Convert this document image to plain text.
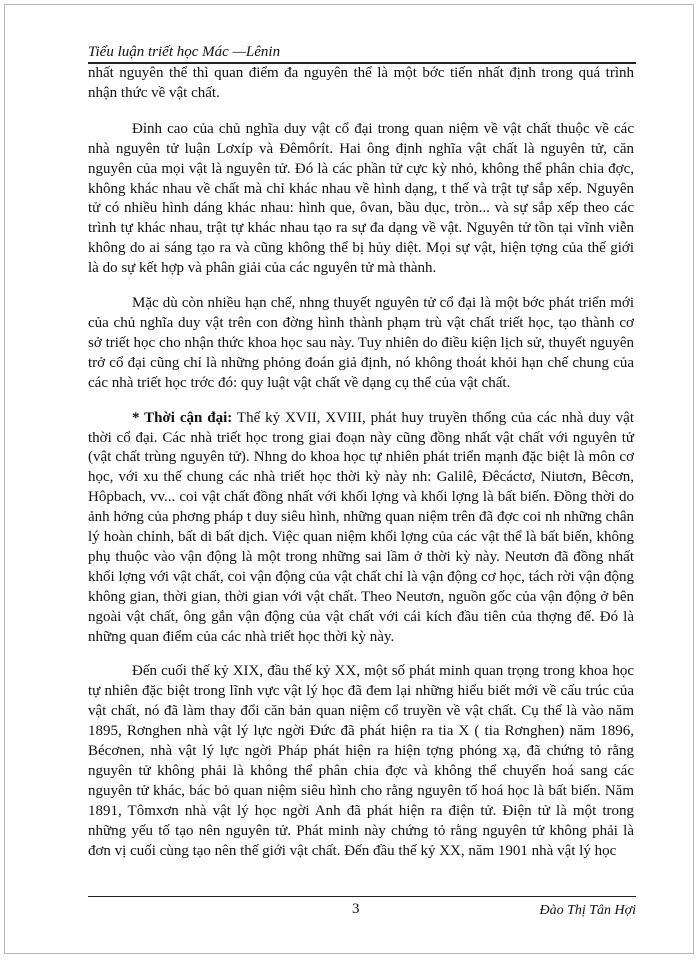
Tiểu luận triết học Mác —Lênin

nhất nguyên thể thì quan điểm đa nguyên thể là một bớc tiến nhất định trong quá trình nhận thức về vật chất.

Đỉnh cao của chủ nghĩa duy vật cổ đại trong quan niệm về vật chất thuộc về các nhà nguyên tử luận Lơxíp và Đêmôrít. Hai ông định nghĩa vật chất là nguyên tử, căn nguyên của mọi vật là nguyên tử. Đó là các phần tử cực kỳ nhỏ, không thể phân chia đợc, không khác nhau về chất mà chỉ khác nhau về hình dạng, t thế và trật tự sắp xếp. Nguyên tử có nhiều hình dáng khác nhau: hình que, ôvan, bầu dục, tròn... và sự sắp xếp theo các trình tự khác nhau, trật tự khác nhau tạo ra sự đa dạng về vật. Nguyên tử tồn tại vĩnh viễn không do ai sáng tạo ra và cũng không thể bị hủy diệt. Mọi sự vật, hiện tợng của thế giới là do sự kết hợp và phân giải của các nguyên tử mà thành.

Mặc dù còn nhiều hạn chế, nhng thuyết nguyên tử cổ đại là một bớc phát triển mới của chủ nghĩa duy vật trên con đờng hình thành phạm trù vật chất triết học, tạo thành cơ sở triết học cho nhận thức khoa học sau này. Tuy nhiên do điều kiện lịch sử, thuyết nguyên trở cổ đại cũng chỉ là những phỏng đoán giả định, nó không thoát khỏi hạn chế chung của các nhà triết học trớc đó: quy luật vật chất về dạng cụ thể của vật chất.

* Thời cận đại: Thế kỷ XVII, XVIII, phát huy truyền thống của các nhà duy vật thời cổ đại. Các nhà triết học trong giai đoạn này cũng đồng nhất vật chất với nguyên tử (vật chất trùng nguyên tử). Nhng do khoa học tự nhiên phát triển mạnh đặc biệt là môn cơ học, với xu thế chung các nhà triết học thời kỳ này nh: Galilê, Đêcáctơ, Niutơn, Bêcơn, Hôpbach, vv... coi vật chất đồng nhất với khối lợng và khối lợng là bất biến. Đồng thời do ảnh hởng của phơng pháp t duy siêu hình, những quan niệm trên đã đợc coi nh những chân lý hoàn chỉnh, bất di bất dịch. Việc quan niệm khối lợng của các vật thể là bất biến, không phụ thuộc vào vận động là một trong những sai lầm ở thời kỳ này. Neutơn đã đồng nhất khối lợng với vật chất, coi vận động của vật chất chỉ là vận động cơ học, tách rời vận động không gian, thời gian, thời gian với vật chất. Theo Neutơn, nguồn gốc của vận động ở bên ngoài vật chất, ông gắn vận động của vật chất với cái kích đầu tiên của thợng đế. Đó là những quan điểm của các nhà triết học thời kỳ này.

Đến cuối thế kỷ XIX, đầu thế kỷ XX, một số phát minh quan trọng trong khoa học tự nhiên đặc biệt trong lĩnh vực vật lý học đã đem lại những hiểu biết mới về cấu trúc của vật chất, nó đã làm thay đổi căn bản quan niệm cổ truyền về vật chất. Cụ thể là vào năm 1895, Rơnghen nhà vật lý lực ngời Đức đã phát hiện ra tia X ( tia Rơnghen) năm 1896, Bécơnen, nhà vật lý lực ngời Pháp phát hiện ra hiện tợng phóng xạ, đã chứng tỏ rằng nguyên tử không phải là không thể phân chia đợc và không thể chuyển hoá sang các nguyên tử khác, bác bỏ quan niệm siêu hình cho rằng nguyên tố hoá học là bất biến. Năm 1891, Tômxơn nhà vật lý học ngời Anh đã phát hiện ra điện tử. Điện tử là một trong những yếu tố tạo nên nguyên tử. Phát minh này chứng tỏ rằng nguyên tử không phải là đơn vị cuối cùng tạo nên thế giới vật chất. Đến đầu thế kỷ XX, năm 1901 nhà vật lý học

3	Đào Thị Tân Hợi
